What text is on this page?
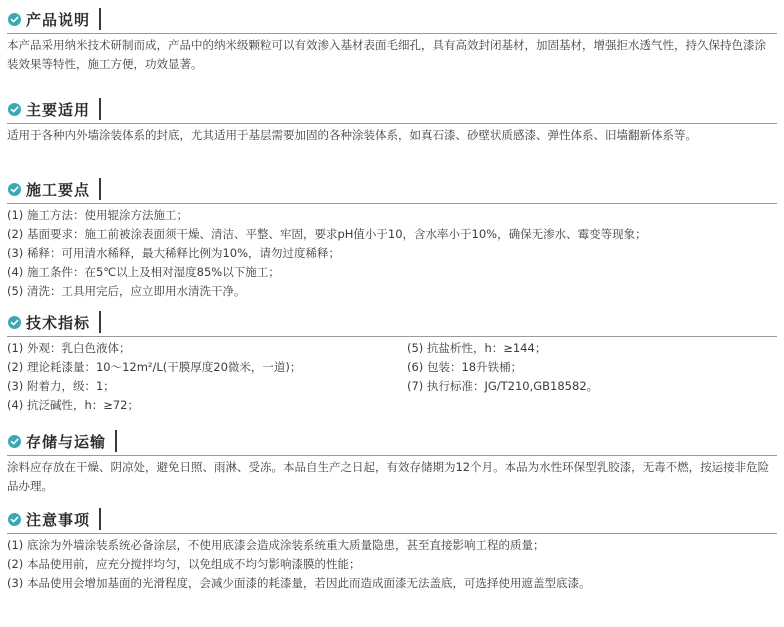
产品说明

本产品采用纳米技术研制而成，产品中的纳米级颗粒可以有效渗入基材表面毛细孔，具有高效封闭基材，加固基材，增强拒水透气性，持久保持色漆涂装效果等特性，施工方便，功效显著。

主要适用

适用于各种内外墙涂装体系的封底，尤其适用于基层需要加固的各种涂装体系，如真石漆、砂壁状质感漆、弹性体系、旧墙翻新体系等。

施工要点
(1) 施工方法：使用辊涂方法施工；
(2) 基面要求：施工前被涂表面须干燥、清洁、平整、牢固，要求pH值小于10，含水率小于10%，确保无渗水、霉变等现象；
(3) 稀释：可用清水稀释，最大稀释比例为10%，请勿过度稀释；
(4) 施工条件：在5℃以上及相对湿度85%以下施工；
(5) 清洗：工具用完后，应立即用水清洗干净。
技术指标
(1) 外观：乳白色液体；
(2) 理论耗漆量：10～12m²/L(干膜厚度20微米，一道)；
(3) 附着力，级：1；
(4) 抗泛碱性，h：≥72；
(5) 抗盐析性，h：≥144；
(6) 包装：18升铁桶；
(7) 执行标准：JG/T210,GB18582。
存储与运输

涂料应存放在干燥、阴凉处，避免日照、雨淋、受冻。本品自生产之日起，有效存储期为12个月。本品为水性环保型乳胶漆，无毒不燃，按运接非危险品办理。

注意事项
(1) 底涂为外墙涂装系统必备涂层，不使用底漆会造成涂装系统重大质量隐患，甚至直接影响工程的质量；
(2) 本品使用前，应充分搅拌均匀，以免组成不均匀影响漆膜的性能；
(3) 本品使用会增加基面的光滑程度，会减少面漆的耗漆量，若因此而造成面漆无法盖底，可选择使用遮盖型底漆。
